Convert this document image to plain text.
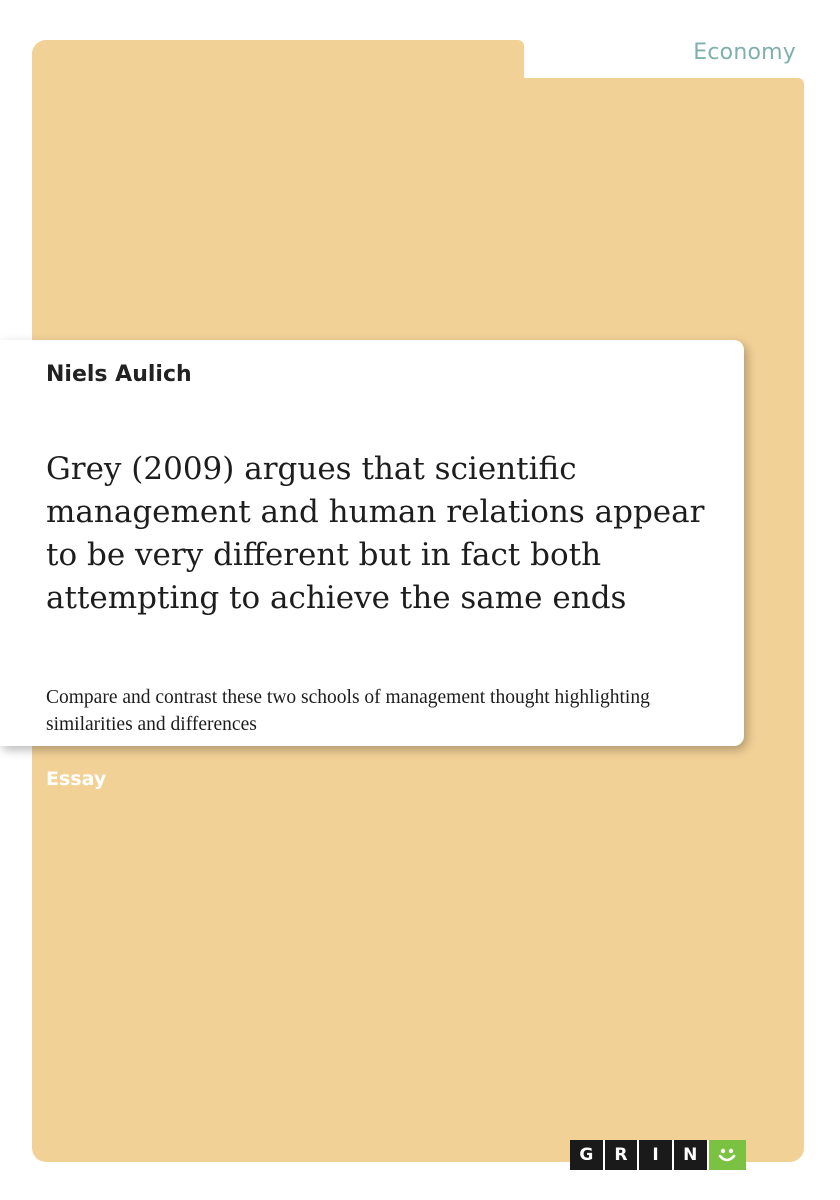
Economy
Niels Aulich
Grey (2009) argues that scientific management and human relations appear to be very different but in fact both attempting to achieve the same ends

Compare and contrast these two schools of management thought highlighting similarities and differences

Essay
G	R	I	N
